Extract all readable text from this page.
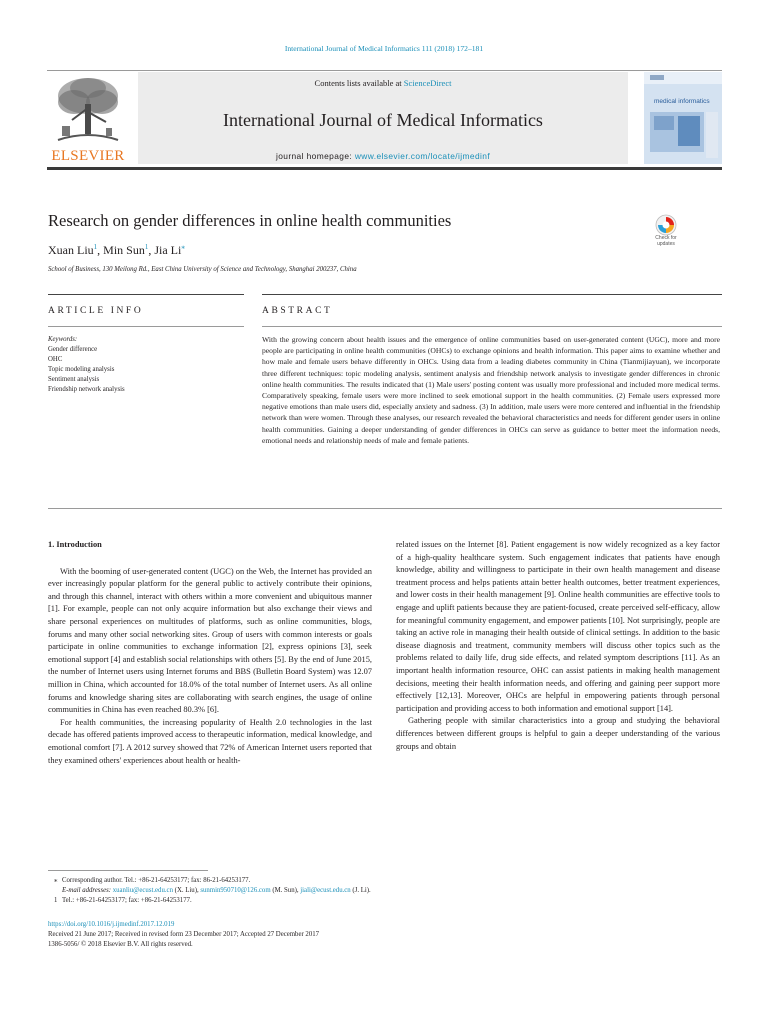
International Journal of Medical Informatics 111 (2018) 172–181
ELSEVIER
Contents lists available at ScienceDirect
International Journal of Medical Informatics
journal homepage: www.elsevier.com/locate/ijmedinf
medical informatics
Research on gender differences in online health communities
Xuan Liu$^1$, Min Sun$^1$, Jia Li⁎
School of Business, 130 Meilong Rd., East China University of Science and Technology, Shanghai 200237, China
Check for updates
ARTICLE INFO	ABSTRACT
Keywords:
Gender difference
OHC
Topic modeling analysis
Sentiment analysis
Friendship network analysis
With the growing concern about health issues and the emergence of online communities based on user-generated content (UGC), more and more people are participating in online health communities (OHCs) to exchange opinions and health information. This paper aims to examine whether and how male and female users behave differently in OHCs. Using data from a leading diabetes community in China (Tianmijiayuan), we incorporate three different techniques: topic modeling analysis, sentiment analysis and friendship network analysis to investigate gender differences in chronic online health communities. The results indicated that (1) Male users' posting content was usually more professional and included more medical terms. Comparatively speaking, female users were more inclined to seek emotional support in the health communities. (2) Female users expressed more negative emotions than male users did, especially anxiety and sadness. (3) In addition, male users were more centered and influential in the friendship network than were women. Through these analyses, our research revealed the behavioral characteristics and needs for different gender users in online health communities. Gaining a deeper understanding of gender differences in OHCs can serve as guidance to better meet the information needs, emotional needs and relationship needs of male and female patients.
1. Introduction

With the booming of user-generated content (UGC) on the Web, the Internet has provided an ever increasingly popular platform for the general public to actively contribute their opinions, and through this channel, interact with others within a more convenient and ubiquitous manner [1]. For example, people can not only acquire information but also exchange their views and share personal experiences on multitudes of platforms, such as online communities, blogs, forums and many other social networking sites. Group of users with common interests or goals participate in online communities to exchange information [2], express opinions [3], seek emotional support [4] and establish social relationships with others [5]. By the end of June 2015, the number of Internet users using Internet forums and BBS (Bulletin Board System) was 12.07 million in China, which accounted for 18.0% of the total number of Internet users. As all online forums and knowledge sharing sites are collaborating with search engines, the usage of online communities in China has even reached 80.3% [6].

For health communities, the increasing popularity of Health 2.0 technologies in the last decade has offered patients improved access to therapeutic information, medical knowledge, and emotional comfort [7]. A 2012 survey showed that 72% of American Internet users reported that they examined others' experiences about health or health-

related issues on the Internet [8]. Patient engagement is now widely recognized as a key factor of a high-quality healthcare system. Such engagement indicates that patients have enough knowledge, ability and willingness to participate in their own health management and disease treatment process and helps patients attain better health outcomes, better treatment experiences, and lower costs in their health management [9]. Online health communities are effective tools to engage and uplift patients because they are patient-focused, create perceived self-efficacy, allow for meaningful community engagement, and empower patients [10]. Not surprisingly, people are taking an active role in managing their health outside of clinical settings. In addition to the basic disease diagnosis and treatment, community members will discuss other topics such as the problems related to daily life, drug side effects, and related symptom descriptions [11]. As an important health information resource, OHC can assist patients in making health management decisions, meeting their health information needs, and offering and gaining peer support more effectively [12,13]. Moreover, OHCs are helpful in empowering patients through personal participation and providing access to both information and emotional support [14].

Gathering people with similar characteristics into a group and studying the behavioral differences between different groups is helpful to gain a deeper understanding of the various groups and obtain

⁎ Corresponding author. Tel.: +86-21-64253177; fax: 86-21-64253177.
E-mail addresses: xuanliu@ecust.edu.cn (X. Liu), sunmin950710@126.com (M. Sun), jiali@ecust.edu.cn (J. Li).
1 Tel.: +86-21-64253177; fax: +86-21-64253177.
https://doi.org/10.1016/j.ijmedinf.2017.12.019
Received 21 June 2017; Received in revised form 23 December 2017; Accepted 27 December 2017
1386-5056/ © 2018 Elsevier B.V. All rights reserved.
